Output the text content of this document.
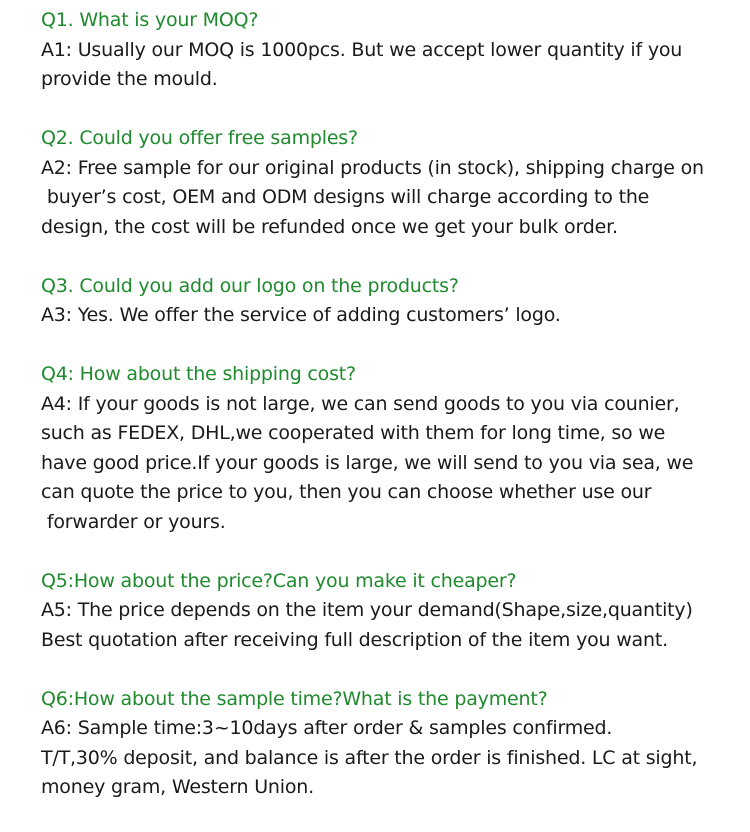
Q1. What is your MOQ?
A1: Usually our MOQ is 1000pcs. But we accept lower quantity if you
provide the mould.
Q2. Could you offer free samples?
A2: Free sample for our original products (in stock), shipping charge on
buyer’s cost, OEM and ODM designs will charge according to the
design, the cost will be refunded once we get your bulk order.
Q3. Could you add our logo on the products?
A3: Yes. We offer the service of adding customers’ logo.
Q4: How about the shipping cost?
A4: If your goods is not large, we can send goods to you via counier,
such as FEDEX, DHL,we cooperated with them for long time, so we
have good price.If your goods is large, we will send to you via sea, we
can quote the price to you, then you can choose whether use our
forwarder or yours.
Q5:How about the price?Can you make it cheaper?
A5: The price depends on the item your demand(Shape,size,quantity)
Best quotation after receiving full description of the item you want.
Q6:How about the sample time?What is the payment?
A6: Sample time:3~10days after order & samples confirmed.
T/T,30% deposit, and balance is after the order is finished. LC at sight,
money gram, Western Union.
